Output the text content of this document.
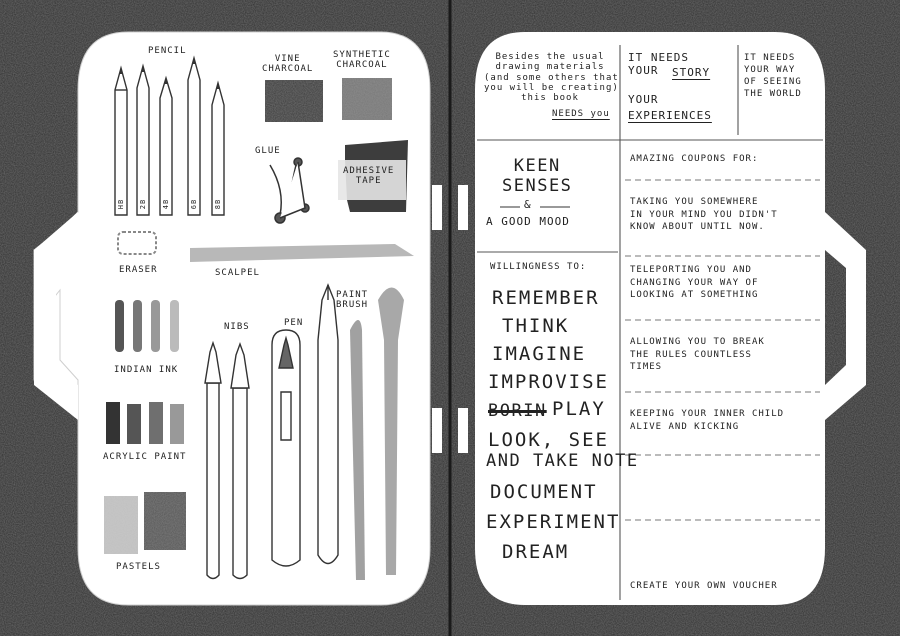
PENCIL
HB 2B 4B	6B 8B
VINE
CHARCOAL
SYNTHETIC
CHARCOAL
GLUE
ADHESIVE
TAPE
ERASER	SCALPEL
NIBS	PEN
PAINT
BRUSH
INDIAN INK
ACRYLIC PAINT
PASTELS
Besides the usual
drawing materials
(and some others that
you will be creating)
this book
NEEDS you
IT NEEDS
YOUR	STORY
YOUR
EXPERIENCES
IT NEEDS
YOUR WAY
OF SEEING
THE WORLD
KEEN
SENSES
&
A GOOD MOOD
WILLINGNESS TO:
REMEMBER
THINK
IMAGINE
IMPROVISE
BORIN PLAY
LOOK, SEE
AND TAKE NOTE
DOCUMENT
EXPERIMENT
DREAM
AMAZING COUPONS FOR:
TAKING YOU SOMEWHERE
IN YOUR MIND YOU DIDN'T
KNOW ABOUT UNTIL NOW.
TELEPORTING YOU AND
CHANGING YOUR WAY OF
LOOKING AT SOMETHING
ALLOWING YOU TO BREAK
THE RULES COUNTLESS
TIMES
KEEPING YOUR INNER CHILD
ALIVE AND KICKING
CREATE YOUR OWN VOUCHER
